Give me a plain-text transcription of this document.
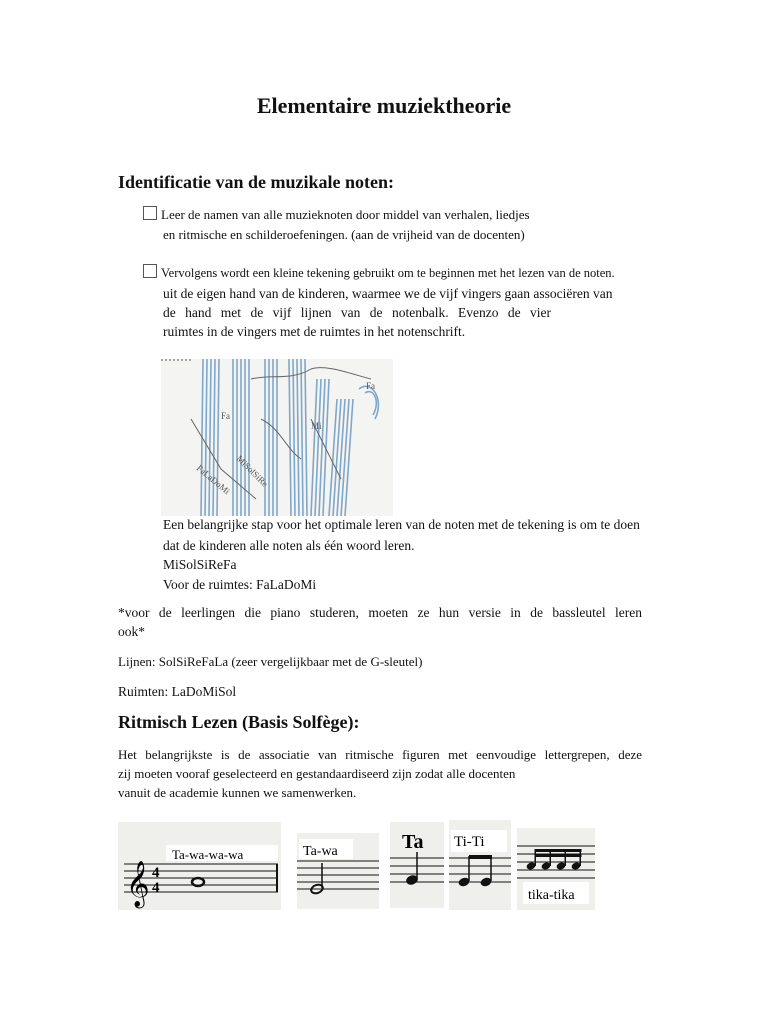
Elementaire muziektheorie
Identificatie van de muzikale noten:
Leer de namen van alle muzieknoten door middel van verhalen, liedjes
en ritmische en schilderoefeningen. (aan de vrijheid van de docenten)
Vervolgens wordt een kleine tekening gebruikt om te beginnen met het lezen van de noten.
uit de eigen hand van de kinderen, waarmee we de vijf vingers gaan associëren van
de hand met de vijf lijnen van de notenbalk. Evenzo de vier
ruimtes in de vingers met de ruimtes in het notenschrift.
FaLaDoMi MiSolSiRe
Fa
Fa
Mi
Een belangrijke stap voor het optimale leren van de noten met de tekening is om te doen
dat de kinderen alle noten als één woord leren.
MiSolSiReFa
Voor de ruimtes: FaLaDoMi
*voor de leerlingen die piano studeren, moeten ze hun versie in de bassleutel leren
ook*
Lijnen: SolSiReFaLa (zeer vergelijkbaar met de G-sleutel)
Ruimten: LaDoMiSol
Ritmisch Lezen (Basis Solfège):
Het belangrijkste is de associatie van ritmische figuren met eenvoudige lettergrepen, deze
zij moeten vooraf geselecteerd en gestandaardiseerd zijn zodat alle docenten
vanuit de academie kunnen we samenwerken.
𝄞 4
4
Ta-wa-wa-wa	Ta-wa	Ta Ti-Ti
tika-tika
